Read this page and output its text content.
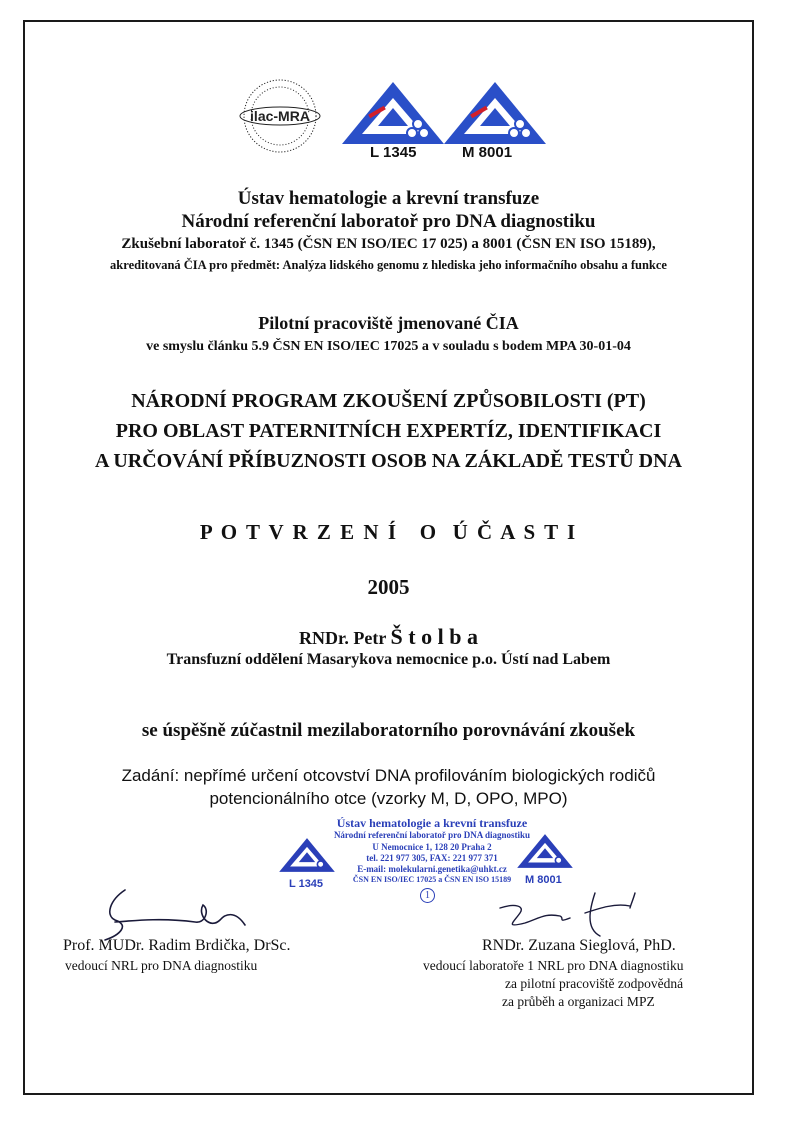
ilac-MRA
L 1345	M 8001
Ústav hematologie a krevní transfuze
Národní referenční laboratoř pro DNA diagnostiku
Zkušební laboratoř č. 1345 (ČSN EN ISO/IEC 17 025) a 8001 (ČSN EN ISO 15189),
akreditovaná ČIA pro předmět: Analýza lidského genomu z hlediska jeho informačního obsahu a funkce
Pilotní pracoviště jmenované ČIA
ve smyslu článku 5.9 ČSN EN ISO/IEC 17025 a v souladu s bodem MPA 30-01-04
NÁRODNÍ PROGRAM ZKOUŠENÍ ZPŮSOBILOSTI (PT)
PRO OBLAST PATERNITNÍCH EXPERTÍZ, IDENTIFIKACI
A URČOVÁNÍ PŘÍBUZNOSTI OSOB NA ZÁKLADĚ TESTŮ DNA
P O T V R Z E N Í   O  Ú Č A S T I
2005
RNDr. Petr Š t o l b a
Transfuzní oddělení Masarykova nemocnice p.o. Ústí nad Labem
se úspěšně zúčastnil mezilaboratorního porovnávání zkoušek
Zadání: nepřímé určení otcovství DNA profilováním biologických rodičů
potencionálního otce (vzorky M, D, OPO, MPO)
L 1345	M 8001
Ústav hematologie a krevní transfuze
Národní referenční laboratoř pro DNA diagnostiku
U Nemocnice 1, 128 20 Praha 2
tel. 221 977 305, FAX: 221 977 371
E-mail: molekularni.genetika@uhkt.cz
ČSN EN ISO/IEC 17025 a ČSN EN ISO 15189
1
Prof. MUDr. Radim Brdička, DrSc.
vedoucí NRL pro DNA diagnostiku
RNDr. Zuzana Sieglová, PhD.
vedoucí laboratoře 1 NRL pro DNA diagnostiku
za pilotní pracoviště zodpovědná
za průběh a organizaci MPZ
